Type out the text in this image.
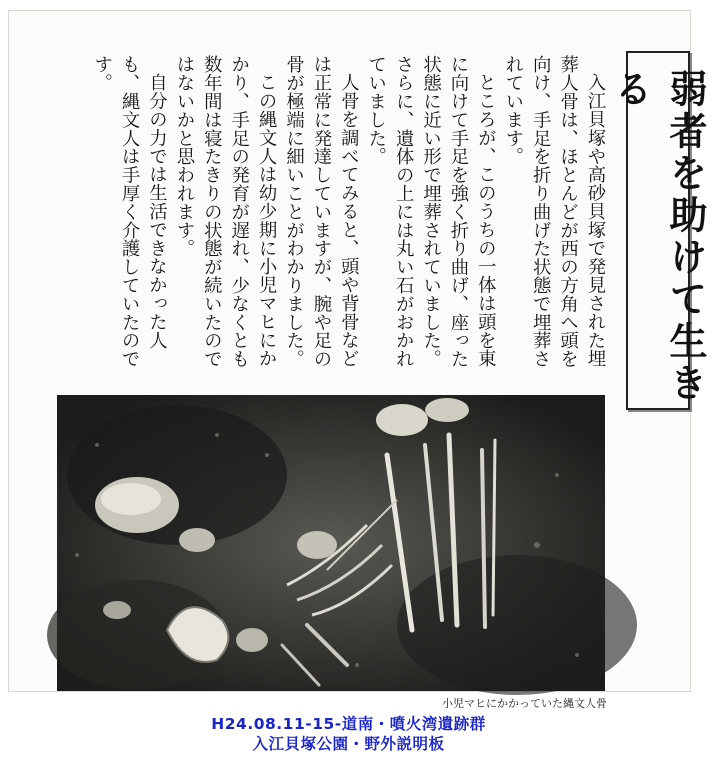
弱者を助けて生きる

入江貝塚や高砂貝塚で発見された埋葬人骨は、ほとんどが西の方角へ頭を向け、手足を折り曲げた状態で埋葬されています。

ところが、このうちの一体は頭を東に向けて手足を強く折り曲げ、座った状態に近い形で埋葬されていました。さらに、遺体の上には丸い石がおかれていました。

人骨を調べてみると、頭や背骨などは正常に発達していますが、腕や足の骨が極端に細いことがわかりました。

この縄文人は幼少期に小児マヒにかかり、手足の発育が遅れ、少なくとも数年間は寝たきりの状態が続いたのではないかと思われます。

自分の力では生活できなかった人も、縄文人は手厚く介護していたのです。

小児マヒにかかっていた縄文人骨
H24.08.11-15-道南・噴火湾遺跡群
入江貝塚公園・野外説明板
